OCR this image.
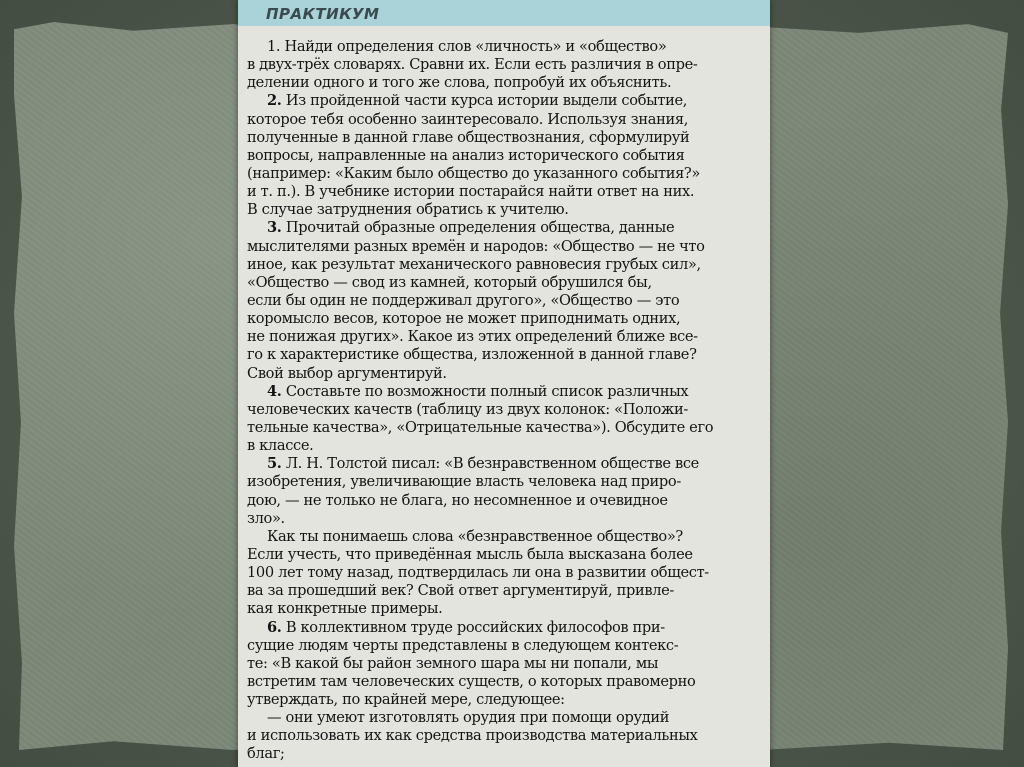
ПРАКТИКУМ
1. Найди определения слов «личность» и «общество»
в двух-трёх словарях. Сравни их. Если есть различия в опре-
делении одного и того же слова, попробуй их объяснить.
2. Из пройденной части курса истории выдели событие,
которое тебя особенно заинтересовало. Используя знания,
полученные в данной главе обществознания, сформулируй
вопросы, направленные на анализ исторического события
(например: «Каким было общество до указанного события?»
и т. п.). В учебнике истории постарайся найти ответ на них.
В случае затруднения обратись к учителю.
3. Прочитай образные определения общества, данные
мыслителями разных времён и народов: «Общество — не что
иное, как результат механического равновесия грубых сил»,
«Общество — свод из камней, который обрушился бы,
если бы один не поддерживал другого», «Общество — это
коромысло весов, которое не может приподнимать одних,
не понижая других». Какое из этих определений ближе все-
го к характеристике общества, изложенной в данной главе?
Свой выбор аргументируй.
4. Составьте по возможности полный список различных
человеческих качеств (таблицу из двух колонок: «Положи-
тельные качества», «Отрицательные качества»). Обсудите его
в классе.
5. Л. Н. Толстой писал: «В безнравственном обществе все
изобретения, увеличивающие власть человека над приро-
дою, — не только не блага, но несомненное и очевидное
зло».
Как ты понимаешь слова «безнравственное общество»?
Если учесть, что приведённая мысль была высказана более
100 лет тому назад, подтвердилась ли она в развитии общест-
ва за прошедший век? Свой ответ аргументируй, привле-
кая конкретные примеры.
6. В коллективном труде российских философов при-
сущие людям черты представлены в следующем контекс-
те: «В какой бы район земного шара мы ни попали, мы
встретим там человеческих существ, о которых правомерно
утверждать, по крайней мере, следующее:
— они умеют изготовлять орудия при помощи орудий
и использовать их как средства производства материальных
благ;
